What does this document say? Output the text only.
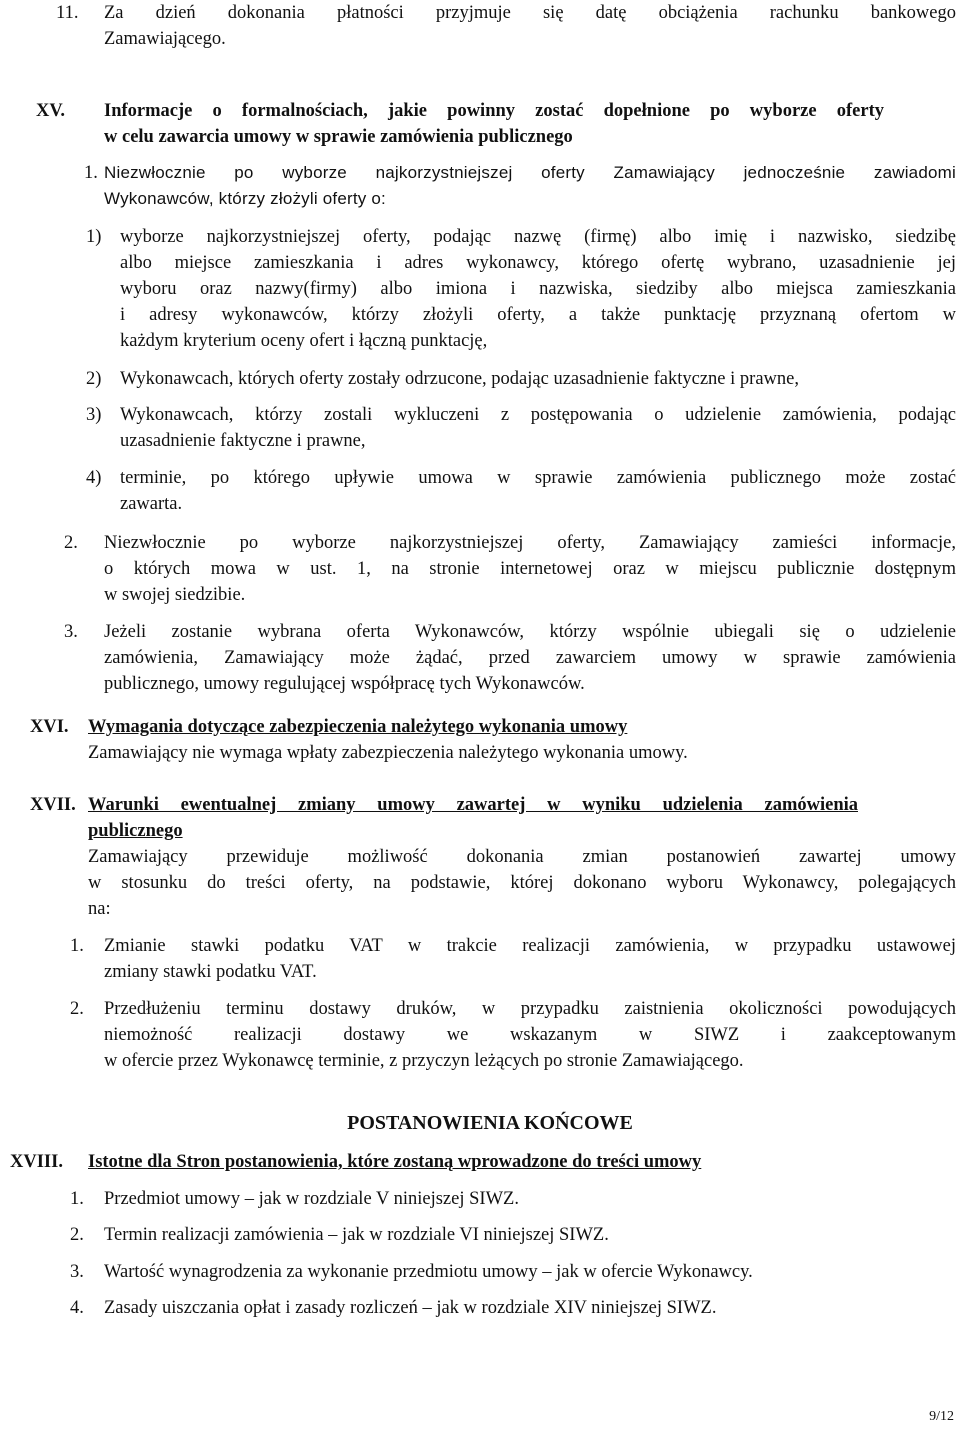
11. Za dzień dokonania płatności przyjmuje się datę obciążenia rachunku bankowego
Zamawiającego.
XV. Informacje o formalnościach, jakie powinny zostać dopełnione po wyborze oferty
w celu zawarcia umowy w sprawie zamówienia publicznego
1. Niezwłocznie po wyborze najkorzystniejszej oferty Zamawiający jednocześnie zawiadomi
Wykonawców, którzy złożyli oferty o:
1) wyborze najkorzystniejszej oferty, podając nazwę (firmę) albo imię i nazwisko, siedzibę
albo miejsce zamieszkania i adres wykonawcy, którego ofertę wybrano, uzasadnienie jej
wyboru oraz nazwy(firmy) albo imiona i nazwiska, siedziby albo miejsca zamieszkania
i adresy wykonawców, którzy złożyli oferty, a także punktację przyznaną ofertom w
każdym kryterium oceny ofert i łączną punktację,
2) Wykonawcach, których oferty zostały odrzucone, podając uzasadnienie faktyczne i prawne,
3) Wykonawcach, którzy zostali wykluczeni z postępowania o udzielenie zamówienia, podając
uzasadnienie faktyczne i prawne,
4) terminie, po którego upływie umowa w sprawie zamówienia publicznego może zostać
zawarta.
2. Niezwłocznie po wyborze najkorzystniejszej oferty, Zamawiający zamieści informacje,
o których mowa w ust. 1, na stronie internetowej oraz w miejscu publicznie dostępnym
w swojej siedzibie.
3. Jeżeli zostanie wybrana oferta Wykonawców, którzy wspólnie ubiegali się o udzielenie
zamówienia, Zamawiający może żądać, przed zawarciem umowy w sprawie zamówienia
publicznego, umowy regulującej współpracę tych Wykonawców.
XVI. Wymagania dotyczące zabezpieczenia należytego wykonania umowy
Zamawiający nie wymaga wpłaty zabezpieczenia należytego wykonania umowy.
XVII. Warunki ewentualnej zmiany umowy zawartej w wyniku udzielenia zamówienia
publicznego
Zamawiający przewiduje możliwość dokonania zmian postanowień zawartej umowy
w stosunku do treści oferty, na podstawie, której dokonano wyboru Wykonawcy, polegających
na:
1. Zmianie stawki podatku VAT w trakcie realizacji zamówienia, w przypadku ustawowej
zmiany stawki podatku VAT.
2. Przedłużeniu terminu dostawy druków, w przypadku zaistnienia okoliczności powodujących
niemożność realizacji dostawy we wskazanym w SIWZ i zaakceptowanym
w ofercie przez Wykonawcę terminie, z przyczyn leżących po stronie Zamawiającego.
POSTANOWIENIA KOŃCOWE
XVIII. Istotne dla Stron postanowienia, które zostaną wprowadzone do treści umowy
1. Przedmiot umowy – jak w rozdziale V niniejszej SIWZ.
2. Termin realizacji zamówienia – jak w rozdziale VI niniejszej SIWZ.
3. Wartość wynagrodzenia za wykonanie przedmiotu umowy – jak w ofercie Wykonawcy.
4. Zasady uiszczania opłat i zasady rozliczeń – jak w rozdziale XIV niniejszej SIWZ.
9/12
